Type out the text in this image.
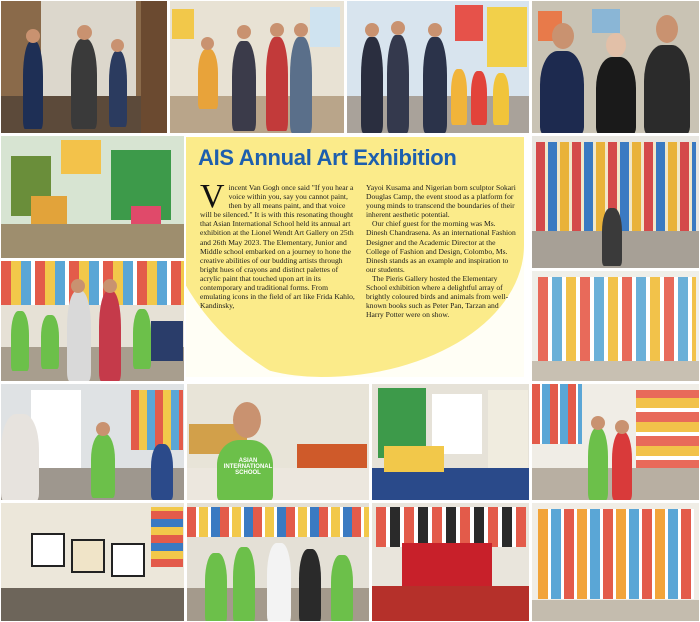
AIS Annual Art Exhibition

Vincent Van Gogh once said "If you hear a voice within you, say you cannot paint, then by all means paint, and that voice will be silenced." It is with this resonating thought that Asian International School held its annual art exhibition at the Lionel Wendt Art Gallery on 25th and 26th May 2023. The Elementary, Junior and Middle school embarked on a journey to hone the creative abilities of our budding artists through bright hues of crayons and distinct palettes of acrylic paint that touched upon art in its contemporary and traditional forms. From emulating icons in the field of art like Frida Kahlo, Kandinsky,

Yayoi Kusama and Nigerian born sculptor Sokari Douglas Camp, the event stood as a platform for young minds to transcend the boundaries of their inherent aesthetic potential.

Our chief guest for the morning was Ms. Dinesh Chandrasena. As an international Fashion Designer and the Academic Director at the College of Fashion and Design, Colombo, Ms. Dinesh stands as an example and inspiration to our students.

The Pieris Gallery hosted the Elementary School exhibition where a delightful array of brightly coloured birds and animals from well-known books such as Peter Pan, Tarzan and Harry Potter were on show.

ASIAN
INTERNATIONAL
SCHOOL
